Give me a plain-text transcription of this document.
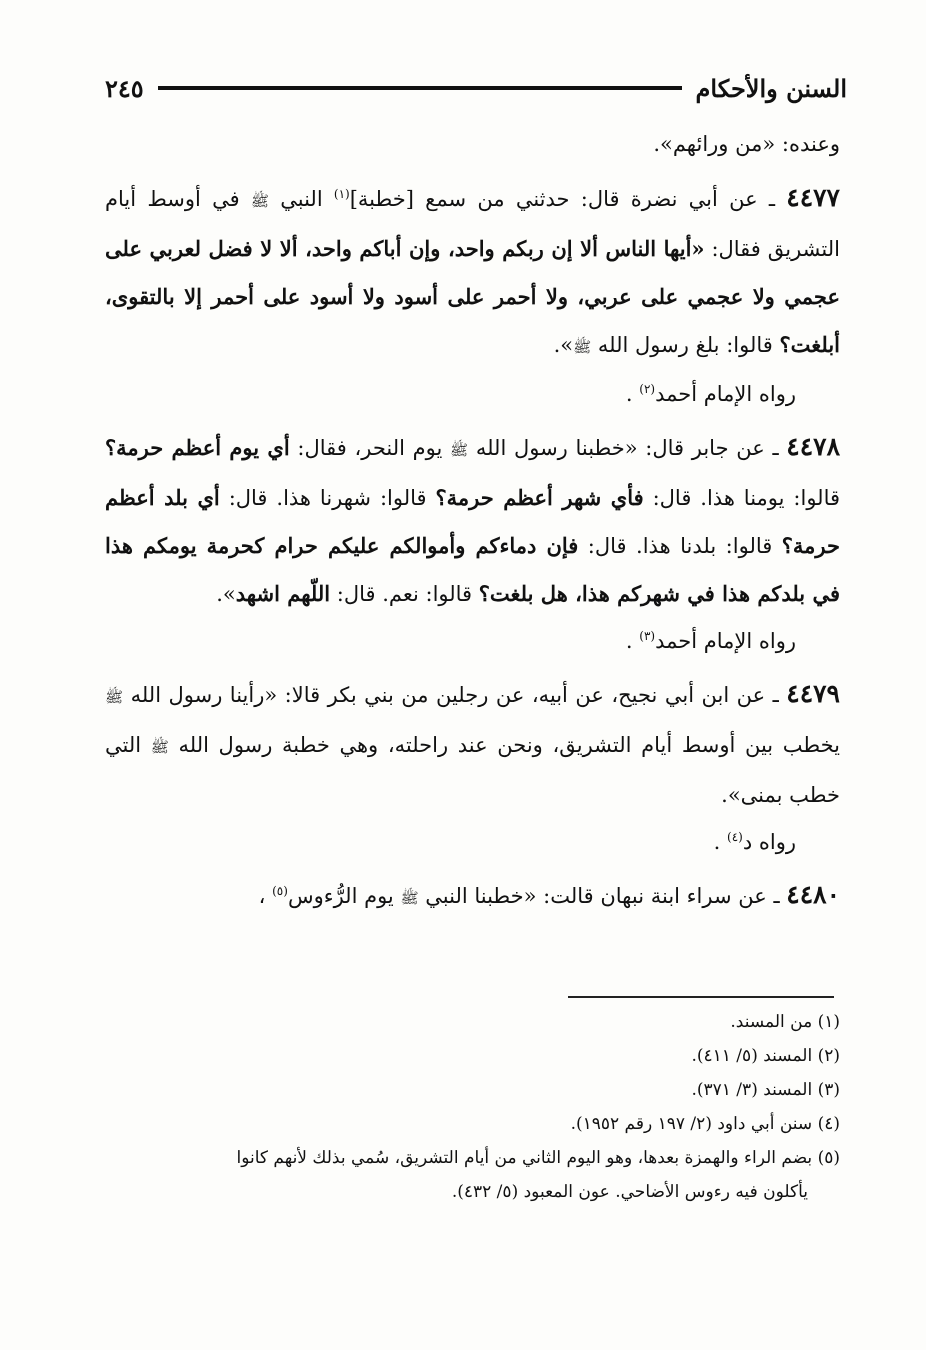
السنن والأحكام
٢٤٥

وعنده: «من ورائهم».

٤٤٧٧ ـ عن أبي نضرة قال: حدثني من سمع [خطبة]$^{(١)}$ النبي ﷺ في أوسط أيام التشريق فقال: «أيها الناس ألا إن ربكم واحد، وإن أباكم واحد، ألا لا فضل لعربي على عجمي ولا عجمي على عربي، ولا أحمر على أسود ولا أسود على أحمر إلا بالتقوى، أبلغت؟ قالوا: بلغ رسول الله ﷺ».

رواه الإمام أحمد$^{(٢)}$ .

٤٤٧٨ ـ عن جابر قال: «خطبنا رسول الله ﷺ يوم النحر، فقال: أي يوم أعظم حرمة؟ قالوا: يومنا هذا. قال: فأي شهر أعظم حرمة؟ قالوا: شهرنا هذا. قال: أي بلد أعظم حرمة؟ قالوا: بلدنا هذا. قال: فإن دماءكم وأموالكم عليكم حرام كحرمة يومكم هذا في بلدكم هذا في شهركم هذا، هل بلغت؟ قالوا: نعم. قال: اللّهم اشهد».

رواه الإمام أحمد$^{(٣)}$ .

٤٤٧٩ ـ عن ابن أبي نجيح، عن أبيه، عن رجلين من بني بكر قالا: «رأينا رسول الله ﷺ يخطب بين أوسط أيام التشريق، ونحن عند راحلته، وهي خطبة رسول الله ﷺ التي خطب بمنى».

رواه د$^{(٤)}$ .

٤٤٨٠ ـ عن سراء ابنة نبهان قالت: «خطبنا النبي ﷺ يوم الرُّءوس$^{(٥)}$ ،

(١) من المسند.

(٢) المسند (٥/ ٤١١).

(٣) المسند (٣/ ٣٧١).

(٤) سنن أبي داود (٢/ ١٩٧ رقم ١٩٥٢).

(٥) بضم الراء والهمزة بعدها، وهو اليوم الثاني من أيام التشريق، سُمي بذلك لأنهم كانوا

يأكلون فيه رءوس الأضاحي. عون المعبود (٥/ ٤٣٢).
